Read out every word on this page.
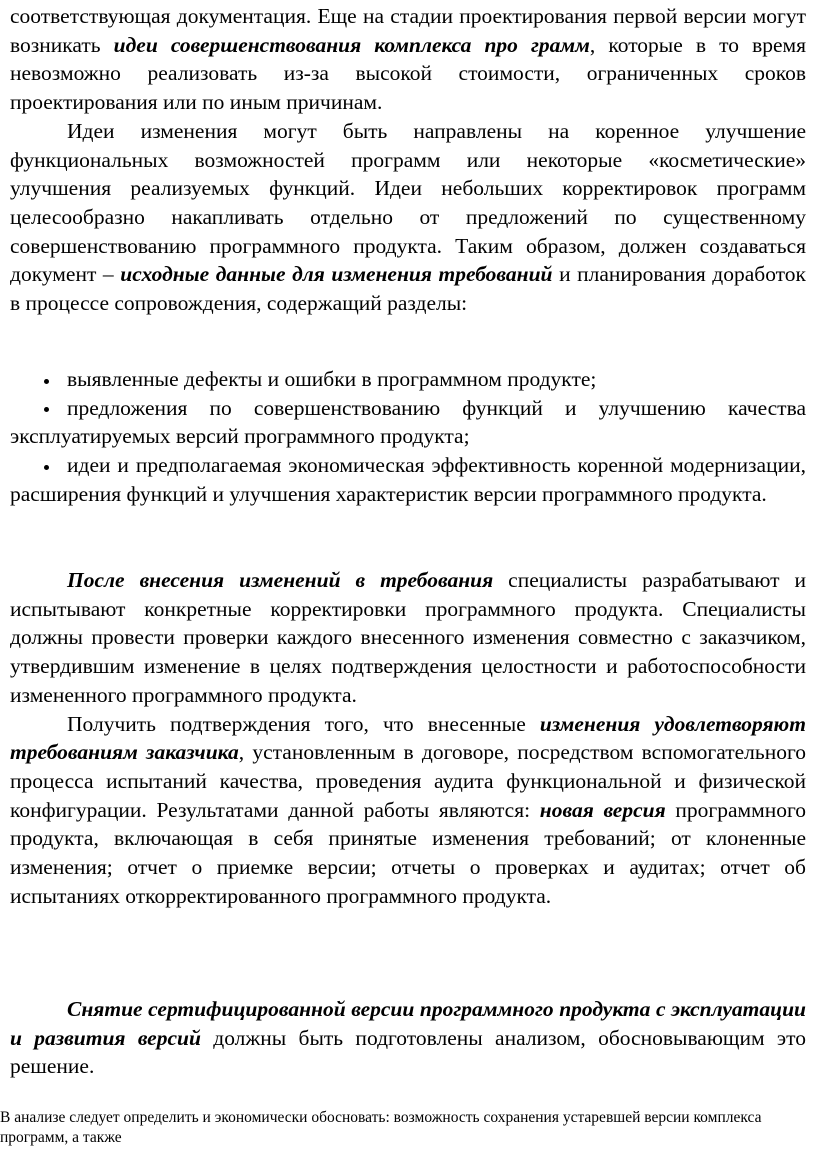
соответствующая документация. Еще на стадии проектирования первой версии могут возникать идеи совершенствования комплекса про грамм, которые в то время невозможно реализовать из-за высокой стоимости, ограниченных сроков проектирования или по иным причинам.

Идеи изменения могут быть направлены на коренное улучшение функциональных возможностей программ или некоторые «косметические» улучшения реализуемых функций. Идеи небольших корректировок программ целесообразно накапливать отдельно от предложений по существенному совершенствованию программного продукта. Таким образом, должен создаваться документ – исходные данные для изменения требований и планирования доработок в процессе сопровождения, содержащий разделы:

выявленные дефекты и ошибки в программном продукте;
предложения по совершенствованию функций и улучшению качества эксплуатируемых версий программного продукта;
идеи и предполагаемая экономическая эффективность коренной модернизации, расширения функций и улучшения характеристик версии программного продукта.

После внесения изменений в требования специалисты разрабатывают и испытывают конкретные корректировки программного продукта. Специалисты должны провести проверки каждого внесенного изменения совместно с заказчиком, утвердившим изменение в целях подтверждения целостности и работоспособности измененного программного продукта.

Получить подтверждения того, что внесенные изменения удовлетворяют требованиям заказчика, установленным в договоре, посредством вспомогательного процесса испытаний качества, проведения аудита функциональной и физической конфигурации. Результатами данной работы являются: новая версия программного продукта, включающая в себя принятые изменения требований; от клоненные изменения; отчет о приемке версии; отчеты о проверках и аудитах; отчет об испытаниях откорректированного программного продукта.

Снятие сертифицированной версии программного продукта с эксплуатации и развития версий должны быть подготовлены анализом, обосновывающим это решение.

В анализе следует определить и экономически обосновать: возможность сохранения устаревшей версии комплекса программ, а также
